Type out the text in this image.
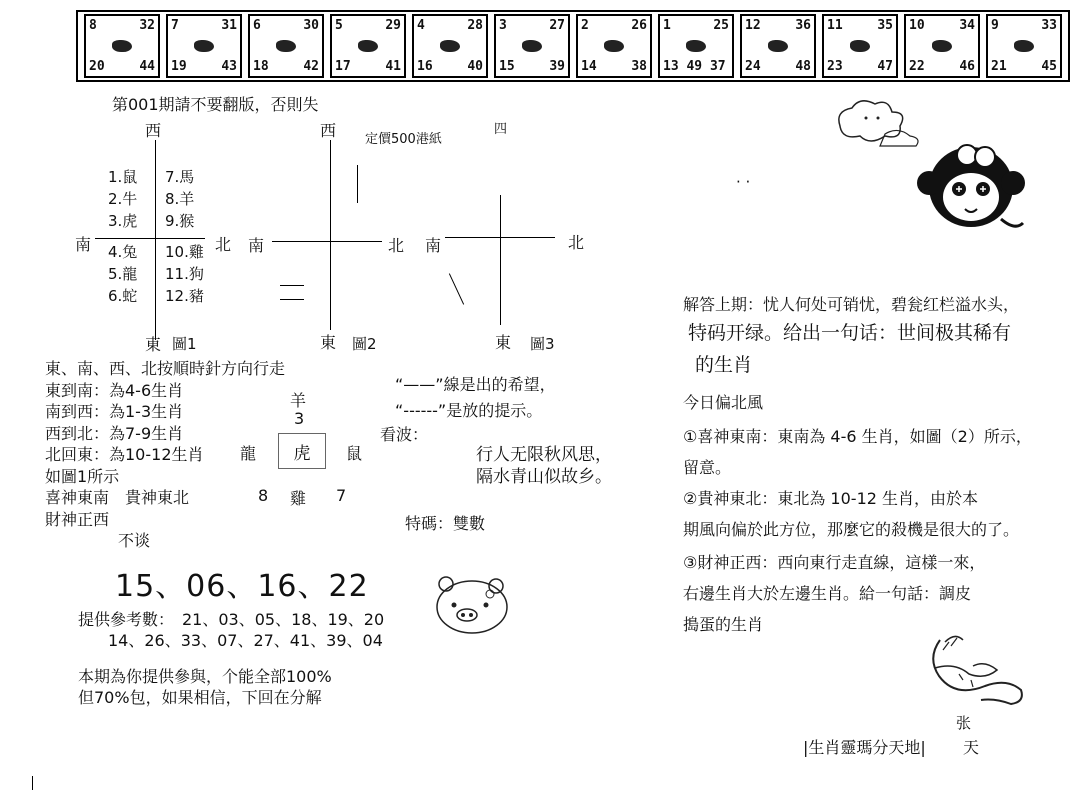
8	32
20	44
7	31
19	43
6	30
18	42
5	29
17	41
4	28
16	40
3	27
15	39
2	26
14	38
1	25
13 49 37
12	36
24	48
11	35
23	47
10	34
22	46
9	33
21	45
第001期請不要翻版，否則失
定價500港紙
西
南	北
東 圖1
1.鼠
2.牛
3.虎
4.兔
5.龍
6.蛇
7.馬
8.羊
9.猴
10.雞
11.狗
12.豬
西
南	北
東 圖2
四
南	北
東 圖3
東、南、西、北按順時針方向行走
東到南：為4-6生肖
南到西：為1-3生肖
西到北：為7-9生肖
北回東：為10-12生肖
如圖1所示
喜神東南　貴神東北
財神正西
不谈
羊
3
龍	虎	鼠
8 雞 7
“——”線是出的希望，
“------”是放的提示。
看波：
行人无限秋风思，
隔水青山似故乡。
特碼：雙數
15、06、16、22
提供參考數： 21、03、05、18、19、20
14、26、33、07、27、41、39、04
本期為你提供參與，个能全部100%
但70%包，如果相信，下回在分解
· ·
解答上期：忧人何处可销忧，碧瓮红栏溢水头，
特码开绿。给出一句话：世间极其稀有
的生肖
今日偏北風
①喜神東南：東南為 4-6 生肖，如圖（2）所示，
留意。
②貴神東北：東北為 10-12 生肖，由於本
期風向偏於此方位，那麼它的殺機是很大的了。
③財神正西：西向東行走直線，這樣一來，
右邊生肖大於左邊生肖。給一句話：調皮
搗蛋的生肖
张
|生肖靈瑪分天地| 天
